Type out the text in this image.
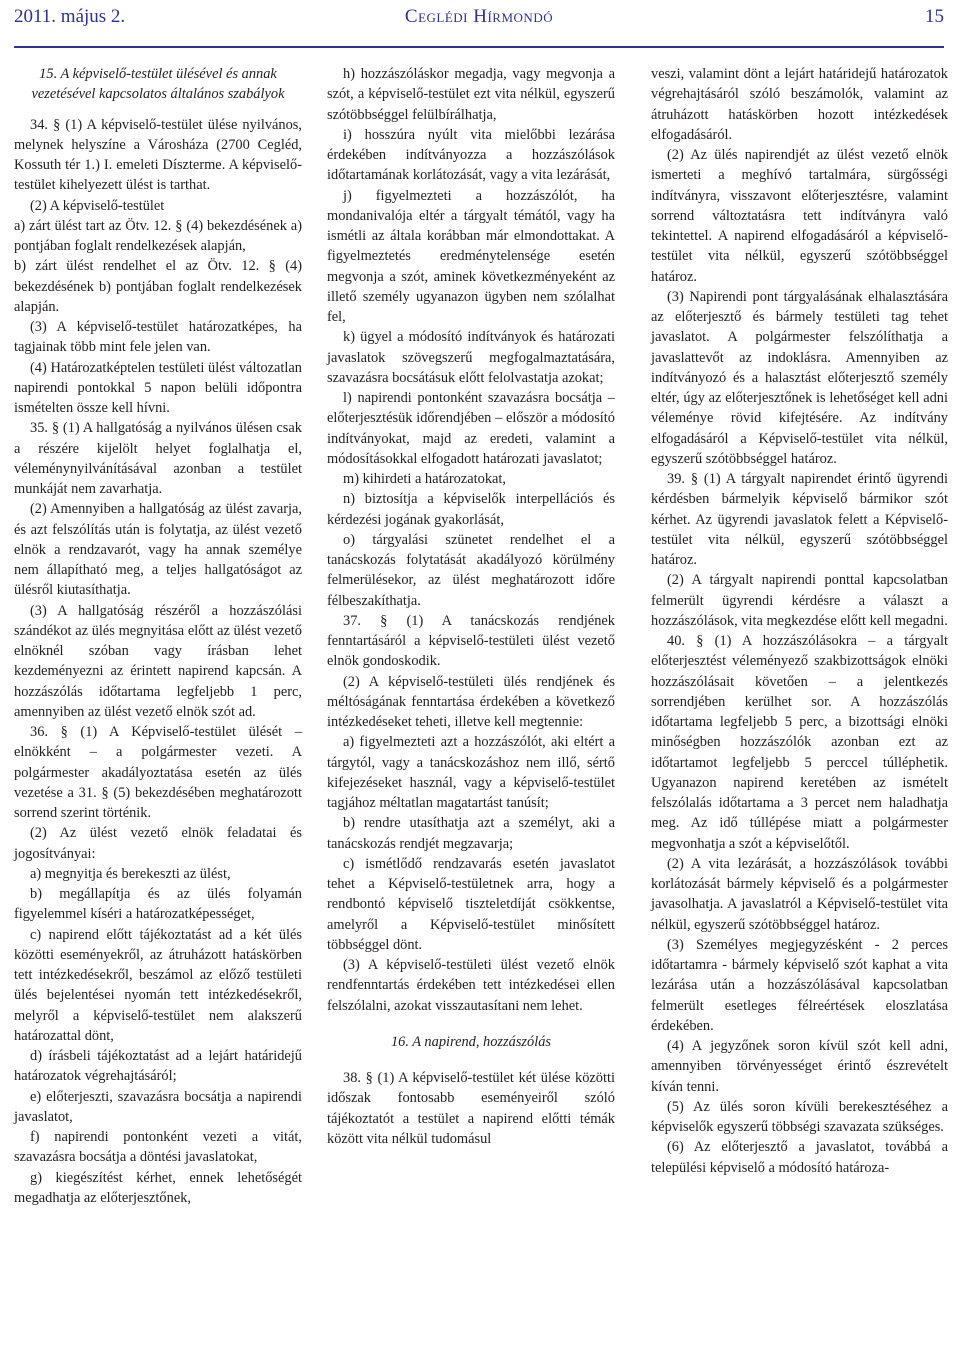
2011. május 2.	Ceglédi Hírmondó	15

15. A képviselő-testület ülésével és annak vezetésével kapcsolatos általános szabályok

34. § (1) A képviselő-testület ülése nyilvános, melynek helyszíne a Városháza (2700 Cegléd, Kossuth tér 1.) I. emeleti Díszterme. A képviselő-testület kihelyezett ülést is tarthat.

(2) A képviselő-testület

a) zárt ülést tart az Ötv. 12. § (4) bekezdésének a) pontjában foglalt rendelkezések alapján,

b) zárt ülést rendelhet el az Ötv. 12. § (4) bekezdésének b) pontjában foglalt rendelkezések alapján.

(3) A képviselő-testület határozatképes, ha tagjainak több mint fele jelen van.

(4) Határozatképtelen testületi ülést változatlan napirendi pontokkal 5 napon belüli időpontra ismételten össze kell hívni.

35. § (1) A hallgatóság a nyilvános ülésen csak a részére kijelölt helyet foglalhatja el, véleménynyilvánításával azonban a testület munkáját nem zavarhatja.

(2) Amennyiben a hallgatóság az ülést zavarja, és azt felszólítás után is folytatja, az ülést vezető elnök a rendzavarót, vagy ha annak személye nem állapítható meg, a teljes hallgatóságot az ülésről kiutasíthatja.

(3) A hallgatóság részéről a hozzászólási szándékot az ülés megnyitása előtt az ülést vezető elnöknél szóban vagy írásban lehet kezdeményezni az érintett napirend kapcsán. A hozzászólás időtartama legfeljebb 1 perc, amennyiben az ülést vezető elnök szót ad.

36. § (1) A Képviselő-testület ülését – elnökként – a polgármester vezeti. A polgármester akadályoztatása esetén az ülés vezetése a 31. § (5) bekezdésében meghatározott sorrend szerint történik.

(2) Az ülést vezető elnök feladatai és jogosítványai:

a) megnyitja és berekeszti az ülést,

b) megállapítja és az ülés folyamán figyelemmel kíséri a határozatképességet,

c) napirend előtt tájékoztatást ad a két ülés közötti eseményekről, az átruházott hatáskörben tett intézkedésekről, beszámol az előző testületi ülés bejelentései nyomán tett intézkedésekről, melyről a képviselő-testület nem alakszerű határozattal dönt,

d) írásbeli tájékoztatást ad a lejárt határidejű határozatok végrehajtásáról;

e) előterjeszti, szavazásra bocsátja a napirendi javaslatot,

f) napirendi pontonként vezeti a vitát, szavazásra bocsátja a döntési javaslatokat,

g) kiegészítést kérhet, ennek lehetőségét megadhatja az előterjesztőnek,

h) hozzászóláskor megadja, vagy megvonja a szót, a képviselő-testület ezt vita nélkül, egyszerű szótöbbséggel felülbírálhatja,

i) hosszúra nyúlt vita mielőbbi lezárása érdekében indítványozza a hozzászólások időtartamának korlátozását, vagy a vita lezárását,

j) figyelmezteti a hozzászólót, ha mondanivalója eltér a tárgyalt témától, vagy ha ismétli az általa korábban már elmondottakat. A figyelmeztetés eredménytelensége esetén megvonja a szót, aminek következményeként az illető személy ugyanazon ügyben nem szólalhat fel,

k) ügyel a módosító indítványok és határozati javaslatok szövegszerű megfogalmaztatására, szavazásra bocsátásuk előtt felolvastatja azokat;

l) napirendi pontonként szavazásra bocsátja – előterjesztésük időrendjében – először a módosító indítványokat, majd az eredeti, valamint a módosításokkal elfogadott határozati javaslatot;

m) kihirdeti a határozatokat,

n) biztosítja a képviselők interpellációs és kérdezési jogának gyakorlását,

o) tárgyalási szünetet rendelhet el a tanácskozás folytatását akadályozó körülmény felmerülésekor, az ülést meghatározott időre félbeszakíthatja.

37. § (1) A tanácskozás rendjének fenntartásáról a képviselő-testületi ülést vezető elnök gondoskodik.

(2) A képviselő-testületi ülés rendjének és méltóságának fenntartása érdekében a következő intézkedéseket teheti, illetve kell megtennie:

a) figyelmezteti azt a hozzászólót, aki eltért a tárgytól, vagy a tanácskozáshoz nem illő, sértő kifejezéseket használ, vagy a képviselő-testület tagjához méltatlan magatartást tanúsít;

b) rendre utasíthatja azt a személyt, aki a tanácskozás rendjét megzavarja;

c) ismétlődő rendzavarás esetén javaslatot tehet a Képviselő-testületnek arra, hogy a rendbontó képviselő tiszteletdíját csökkentse, amelyről a Képviselő-testület minősített többséggel dönt.

(3) A képviselő-testületi ülést vezető elnök rendfenntartás érdekében tett intézkedései ellen felszólalni, azokat visszautasítani nem lehet.

16. A napirend, hozzászólás

38. § (1) A képviselő-testület két ülése közötti időszak fontosabb eseményeiről szóló tájékoztatót a testület a napirend előtti témák között vita nélkül tudomásul

veszi, valamint dönt a lejárt határidejű határozatok végrehajtásáról szóló beszámolók, valamint az átruházott hatáskörben hozott intézkedések elfogadásáról.

(2) Az ülés napirendjét az ülést vezető elnök ismerteti a meghívó tartalmára, sürgősségi indítványra, visszavont előterjesztésre, valamint sorrend változtatásra tett indítványra való tekintettel. A napirend elfogadásáról a képviselő-testület vita nélkül, egyszerű szótöbbséggel határoz.

(3) Napirendi pont tárgyalásának elhalasztására az előterjesztő és bármely testületi tag tehet javaslatot. A polgármester felszólíthatja a javaslattevőt az indoklásra. Amennyiben az indítványozó és a halasztást előterjesztő személy eltér, úgy az előterjesztőnek is lehetőséget kell adni véleménye rövid kifejtésére. Az indítvány elfogadásáról a Képviselő-testület vita nélkül, egyszerű szótöbbséggel határoz.

39. § (1) A tárgyalt napirendet érintő ügyrendi kérdésben bármelyik képviselő bármikor szót kérhet. Az ügyrendi javaslatok felett a Képviselő-testület vita nélkül, egyszerű szótöbbséggel határoz.

(2) A tárgyalt napirendi ponttal kapcsolatban felmerült ügyrendi kérdésre a választ a hozzászólások, vita megkezdése előtt kell megadni.

40. § (1) A hozzászólásokra – a tárgyalt előterjesztést véleményező szakbizottságok elnöki hozzászólásait követően – a jelentkezés sorrendjében kerülhet sor. A hozzászólás időtartama legfeljebb 5 perc, a bizottsági elnöki minőségben hozzászólók azonban ezt az időtartamot legfeljebb 5 perccel túlléphetik. Ugyanazon napirend keretében az ismételt felszólalás időtartama a 3 percet nem haladhatja meg. Az idő túllépése miatt a polgármester megvonhatja a szót a képviselőtől.

(2) A vita lezárását, a hozzászólások további korlátozását bármely képviselő és a polgármester javasolhatja. A javaslatról a Képviselő-testület vita nélkül, egyszerű szótöbbséggel határoz.

(3) Személyes megjegyzésként - 2 perces időtartamra - bármely képviselő szót kaphat a vita lezárása után a hozzászólásával kapcsolatban felmerült esetleges félreértések eloszlatása érdekében.

(4) A jegyzőnek soron kívül szót kell adni, amennyiben törvényességet érintő észrevételt kíván tenni.

(5) Az ülés soron kívüli berekesztéséhez a képviselők egyszerű többségi szavazata szükséges.

(6) Az előterjesztő a javaslatot, továbbá a települési képviselő a módosító határoza-
